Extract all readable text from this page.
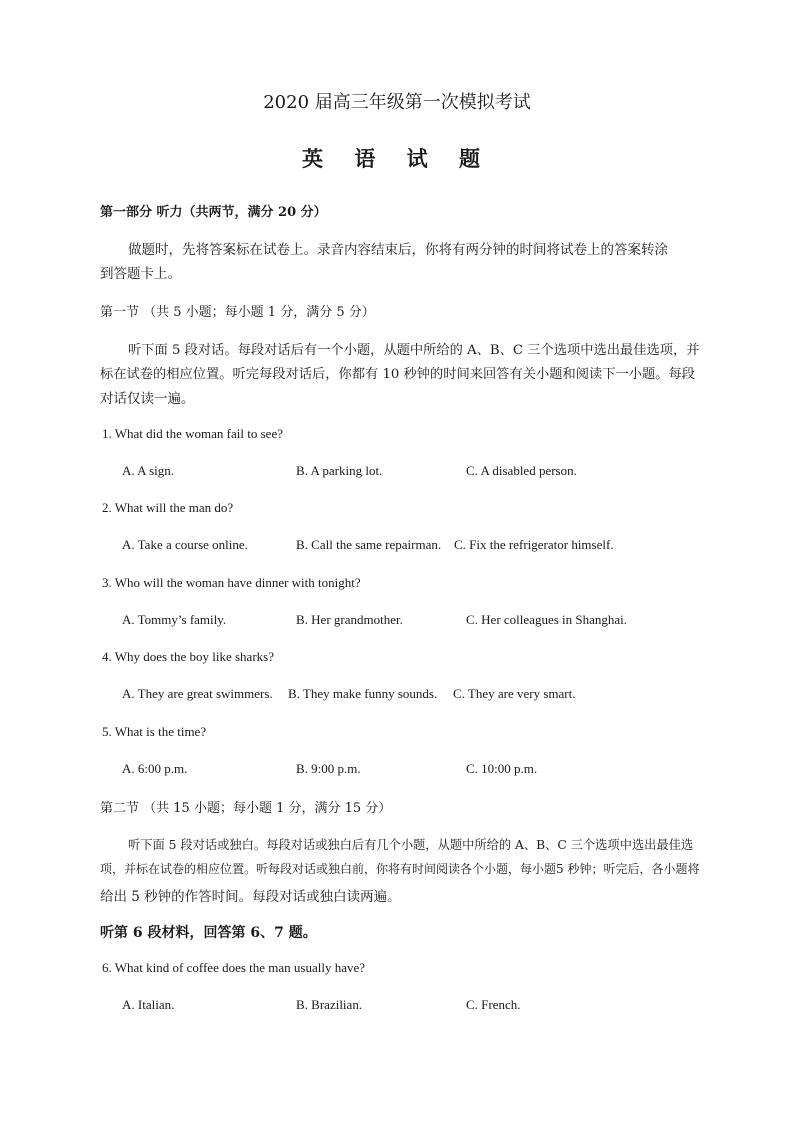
2020 届高三年级第一次模拟考试
英 语 试 题
第一部分 听力（共两节，满分 20 分）
做题时，先将答案标在试卷上。录音内容结束后，你将有两分钟的时间将试卷上的答案转涂
到答题卡上。
第一节 （共 5 小题；每小题 1 分，满分 5 分）
听下面 5 段对话。每段对话后有一个小题，从题中所给的 A、B、C 三个选项中选出最佳选项，并
标在试卷的相应位置。听完每段对话后，你都有 10 秒钟的时间来回答有关小题和阅读下一小题。每段
对话仅读一遍。
1. What did the woman fail to see?
A. A sign.	B. A parking lot.	C. A disabled person.
2. What will the man do?
A. Take a course online.	B. Call the same repairman. C. Fix the refrigerator himself.
3. Who will the woman have dinner with tonight?
A. Tommy’s family.	B. Her grandmother.	C. Her colleagues in Shanghai.
4. Why does the boy like sharks?
A. They are great swimmers. B. They make funny sounds. C. They are very smart.
5. What is the time?
A. 6:00 p.m.	B. 9:00 p.m.	C. 10:00 p.m.
第二节 （共 15 小题；每小题 1 分，满分 15 分）
听下面 5 段对话或独白。每段对话或独白后有几个小题，从题中所给的 A、B、C 三个选项中选出最佳选
项，并标在试卷的相应位置。听每段对话或独白前，你将有时间阅读各个小题，每小题5 秒钟；听完后，各小题将
给出 5 秒钟的作答时间。每段对话或独白读两遍。
听第 6 段材料，回答第 6、7 题。
6. What kind of coffee does the man usually have?
A. Italian.	B. Brazilian.	C. French.
